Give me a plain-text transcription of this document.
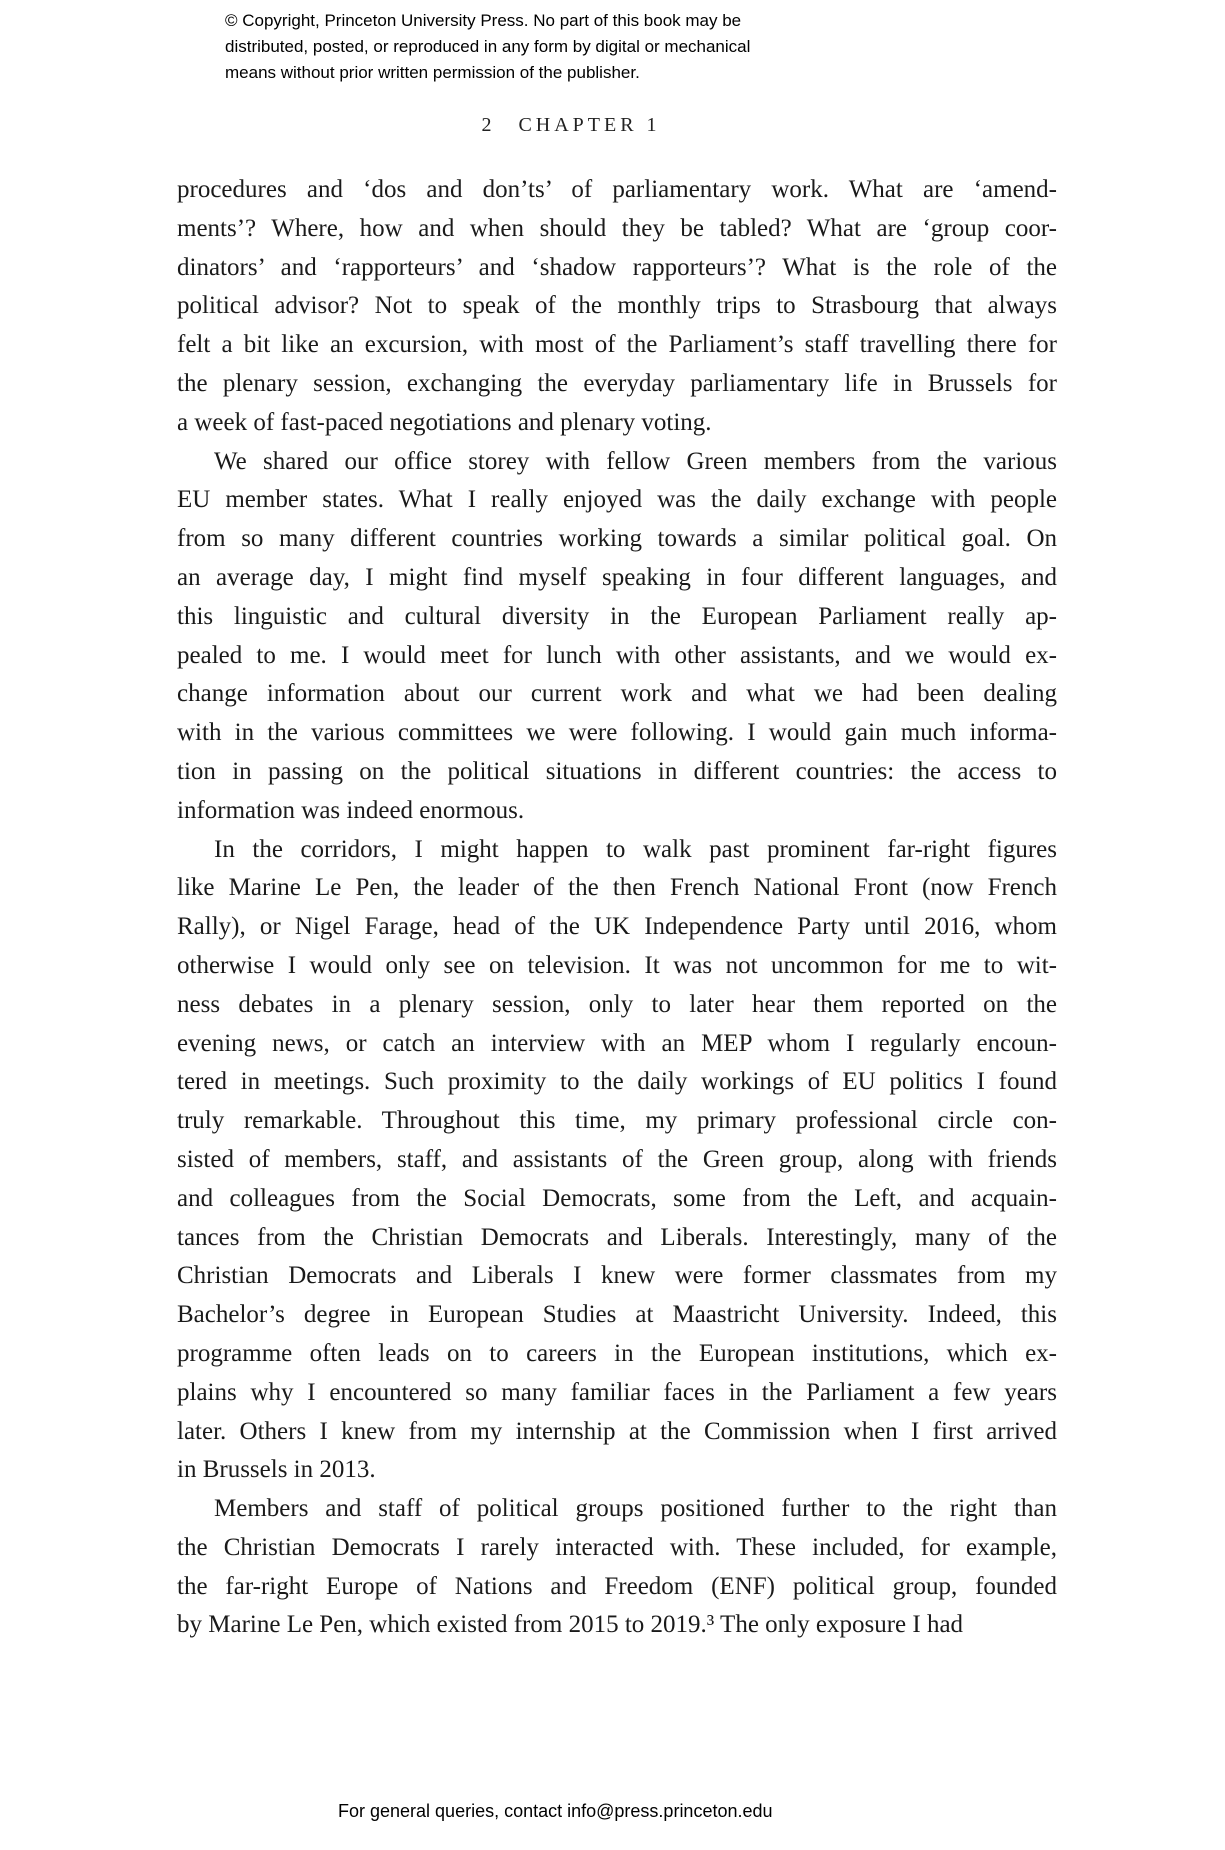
© Copyright, Princeton University Press. No part of this book may be
distributed, posted, or reproduced in any form by digital or mechanical
means without prior written permission of the publisher.
2 CHAPTER 1
procedures and ‘dos and don’ts’ of parliamentary work. What are ‘amend-
ments’? Where, how and when should they be tabled? What are ‘group coor-
dinators’ and ‘rapporteurs’ and ‘shadow rapporteurs’? What is the role of the
political advisor? Not to speak of the monthly trips to Strasbourg that always
felt a bit like an excursion, with most of the Parliament’s staff travelling there for
the plenary session, exchanging the everyday parliamentary life in Brussels for
a week of fast-paced negotiations and plenary voting.
We shared our office storey with fellow Green members from the various
EU member states. What I really enjoyed was the daily exchange with people
from so many different countries working towards a similar political goal. On
an average day, I might find myself speaking in four different languages, and
this linguistic and cultural diversity in the European Parliament really ap-
pealed to me. I would meet for lunch with other assistants, and we would ex-
change information about our current work and what we had been dealing
with in the various committees we were following. I would gain much informa-
tion in passing on the political situations in different countries: the access to
information was indeed enormous.
In the corridors, I might happen to walk past prominent far-right figures
like Marine Le Pen, the leader of the then French National Front (now French
Rally), or Nigel Farage, head of the UK Independence Party until 2016, whom
otherwise I would only see on television. It was not uncommon for me to wit-
ness debates in a plenary session, only to later hear them reported on the
evening news, or catch an interview with an MEP whom I regularly encoun-
tered in meetings. Such proximity to the daily workings of EU politics I found
truly remarkable. Throughout this time, my primary professional circle con-
sisted of members, staff, and assistants of the Green group, along with friends
and colleagues from the Social Democrats, some from the Left, and acquain-
tances from the Christian Democrats and Liberals. Interestingly, many of the
Christian Democrats and Liberals I knew were former classmates from my
Bachelor’s degree in European Studies at Maastricht University. Indeed, this
programme often leads on to careers in the European institutions, which ex-
plains why I encountered so many familiar faces in the Parliament a few years
later. Others I knew from my internship at the Commission when I first arrived
in Brussels in 2013.
Members and staff of political groups positioned further to the right than
the Christian Democrats I rarely interacted with. These included, for example,
the far-right Europe of Nations and Freedom (ENF) political group, founded
by Marine Le Pen, which existed from 2015 to 2019.³ The only exposure I had
For general queries, contact info@press.princeton.edu
